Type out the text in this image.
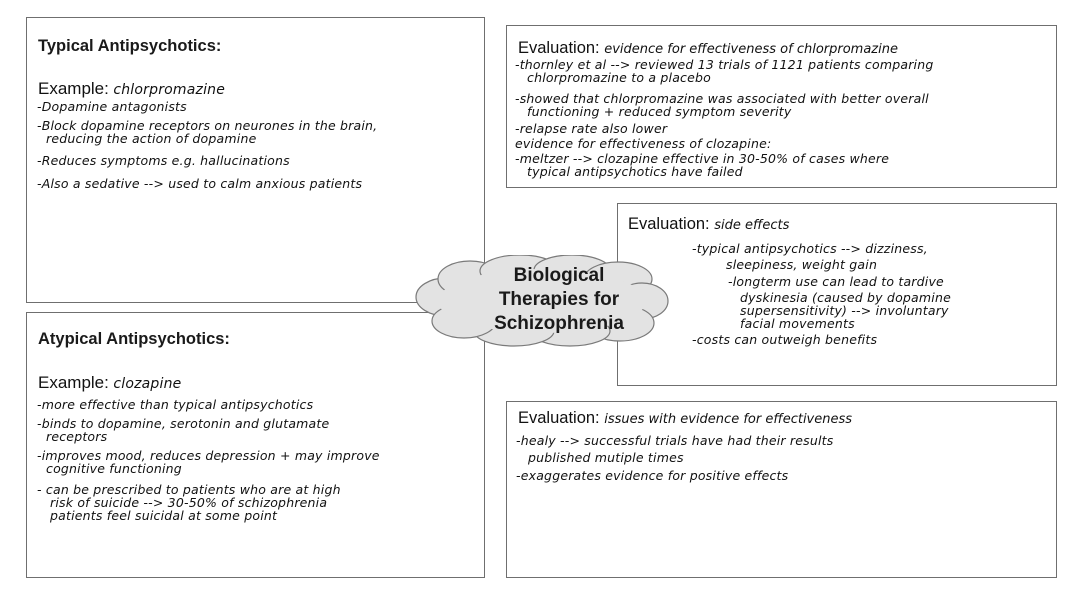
Typical Antipsychotics:
Example: chlorpromazine
-Dopamine antagonists
-Block dopamine receptors on neurones in the brain,
reducing the action of dopamine
-Reduces symptoms e.g. hallucinations
-Also a sedative --> used to calm anxious patients
Atypical Antipsychotics:
Example: clozapine
-more effective than typical antipsychotics
-binds to dopamine, serotonin and glutamate
receptors
-improves mood, reduces depression + may improve
cognitive functioning
- can be prescribed to patients who are at high
risk of suicide --> 30-50% of schizophrenia
patients feel suicidal at some point
Evaluation: evidence for effectiveness of chlorpromazine
-thornley et al --> reviewed 13 trials of 1121 patients comparing
chlorpromazine to a placebo
-showed that chlorpromazine was associated with better overall
functioning + reduced symptom severity
-relapse rate also lower
evidence for effectiveness of clozapine:
-meltzer --> clozapine effective in 30-50% of cases where
typical antipsychotics have failed
Evaluation: side effects
-typical antipsychotics --> dizziness,
sleepiness, weight gain
-longterm use can lead to tardive
dyskinesia (caused by dopamine
supersensitivity) --> involuntary
facial movements
-costs can outweigh benefits
Evaluation: issues with evidence for effectiveness
-healy --> successful trials have had their results
published mutiple times
-exaggerates evidence for positive effects
Biological
Therapies for
Schizophrenia
